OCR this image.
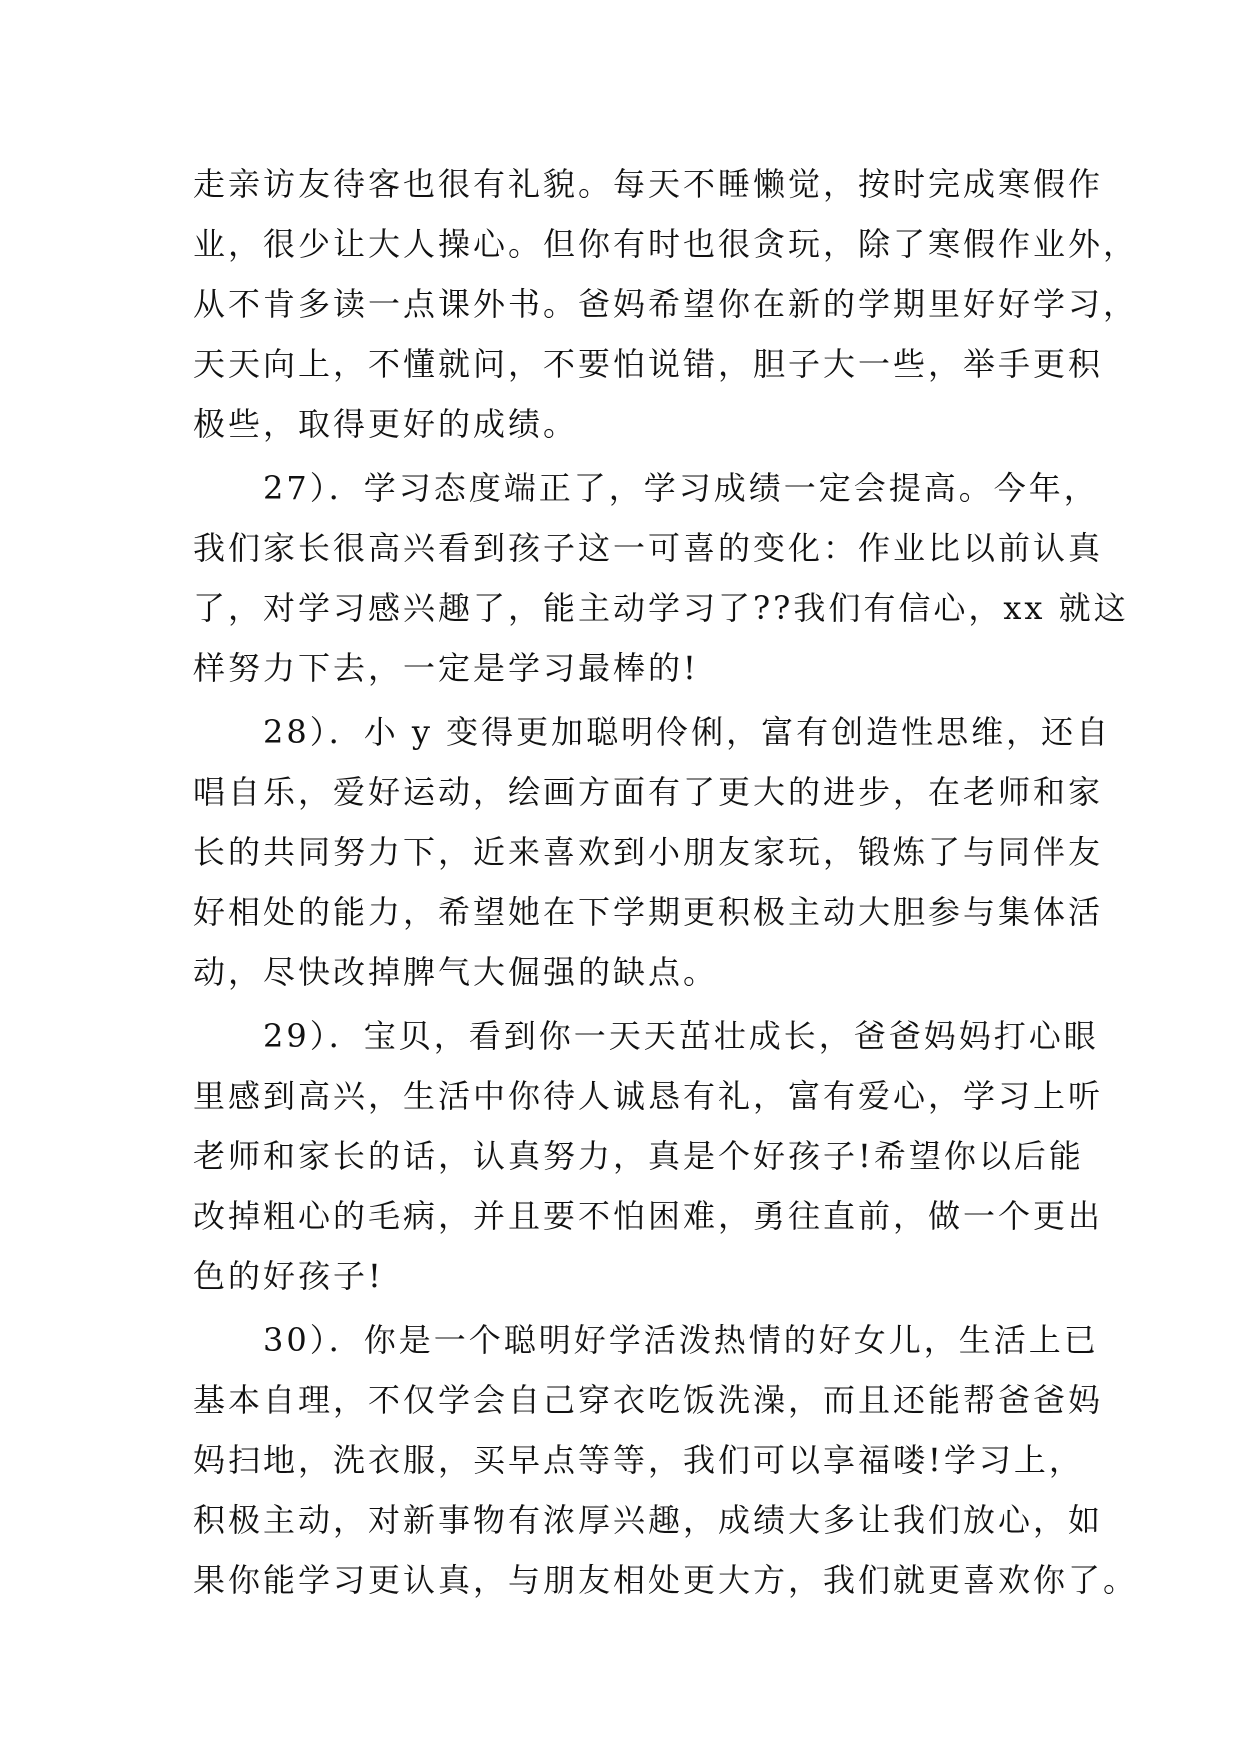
走亲访友待客也很有礼貌。每天不睡懒觉，按时完成寒假作
业，很少让大人操心。但你有时也很贪玩，除了寒假作业外，
从不肯多读一点课外书。爸妈希望你在新的学期里好好学习，
天天向上，不懂就问，不要怕说错，胆子大一些，举手更积
极些，取得更好的成绩。
　　27）．学习态度端正了，学习成绩一定会提高。今年，
我们家长很高兴看到孩子这一可喜的变化：作业比以前认真
了，对学习感兴趣了，能主动学习了??我们有信心，xx 就这
样努力下去，一定是学习最棒的!
　　28）．小 y 变得更加聪明伶俐，富有创造性思维，还自
唱自乐，爱好运动，绘画方面有了更大的进步，在老师和家
长的共同努力下，近来喜欢到小朋友家玩，锻炼了与同伴友
好相处的能力，希望她在下学期更积极主动大胆参与集体活
动，尽快改掉脾气大倔强的缺点。
　　29）．宝贝，看到你一天天茁壮成长，爸爸妈妈打心眼
里感到高兴，生活中你待人诚恳有礼，富有爱心，学习上听
老师和家长的话，认真努力，真是个好孩子!希望你以后能
改掉粗心的毛病，并且要不怕困难，勇往直前，做一个更出
色的好孩子!
　　30）．你是一个聪明好学活泼热情的好女儿，生活上已
基本自理，不仅学会自己穿衣吃饭洗澡，而且还能帮爸爸妈
妈扫地，洗衣服，买早点等等，我们可以享福喽!学习上，
积极主动，对新事物有浓厚兴趣，成绩大多让我们放心，如
果你能学习更认真，与朋友相处更大方，我们就更喜欢你了。
